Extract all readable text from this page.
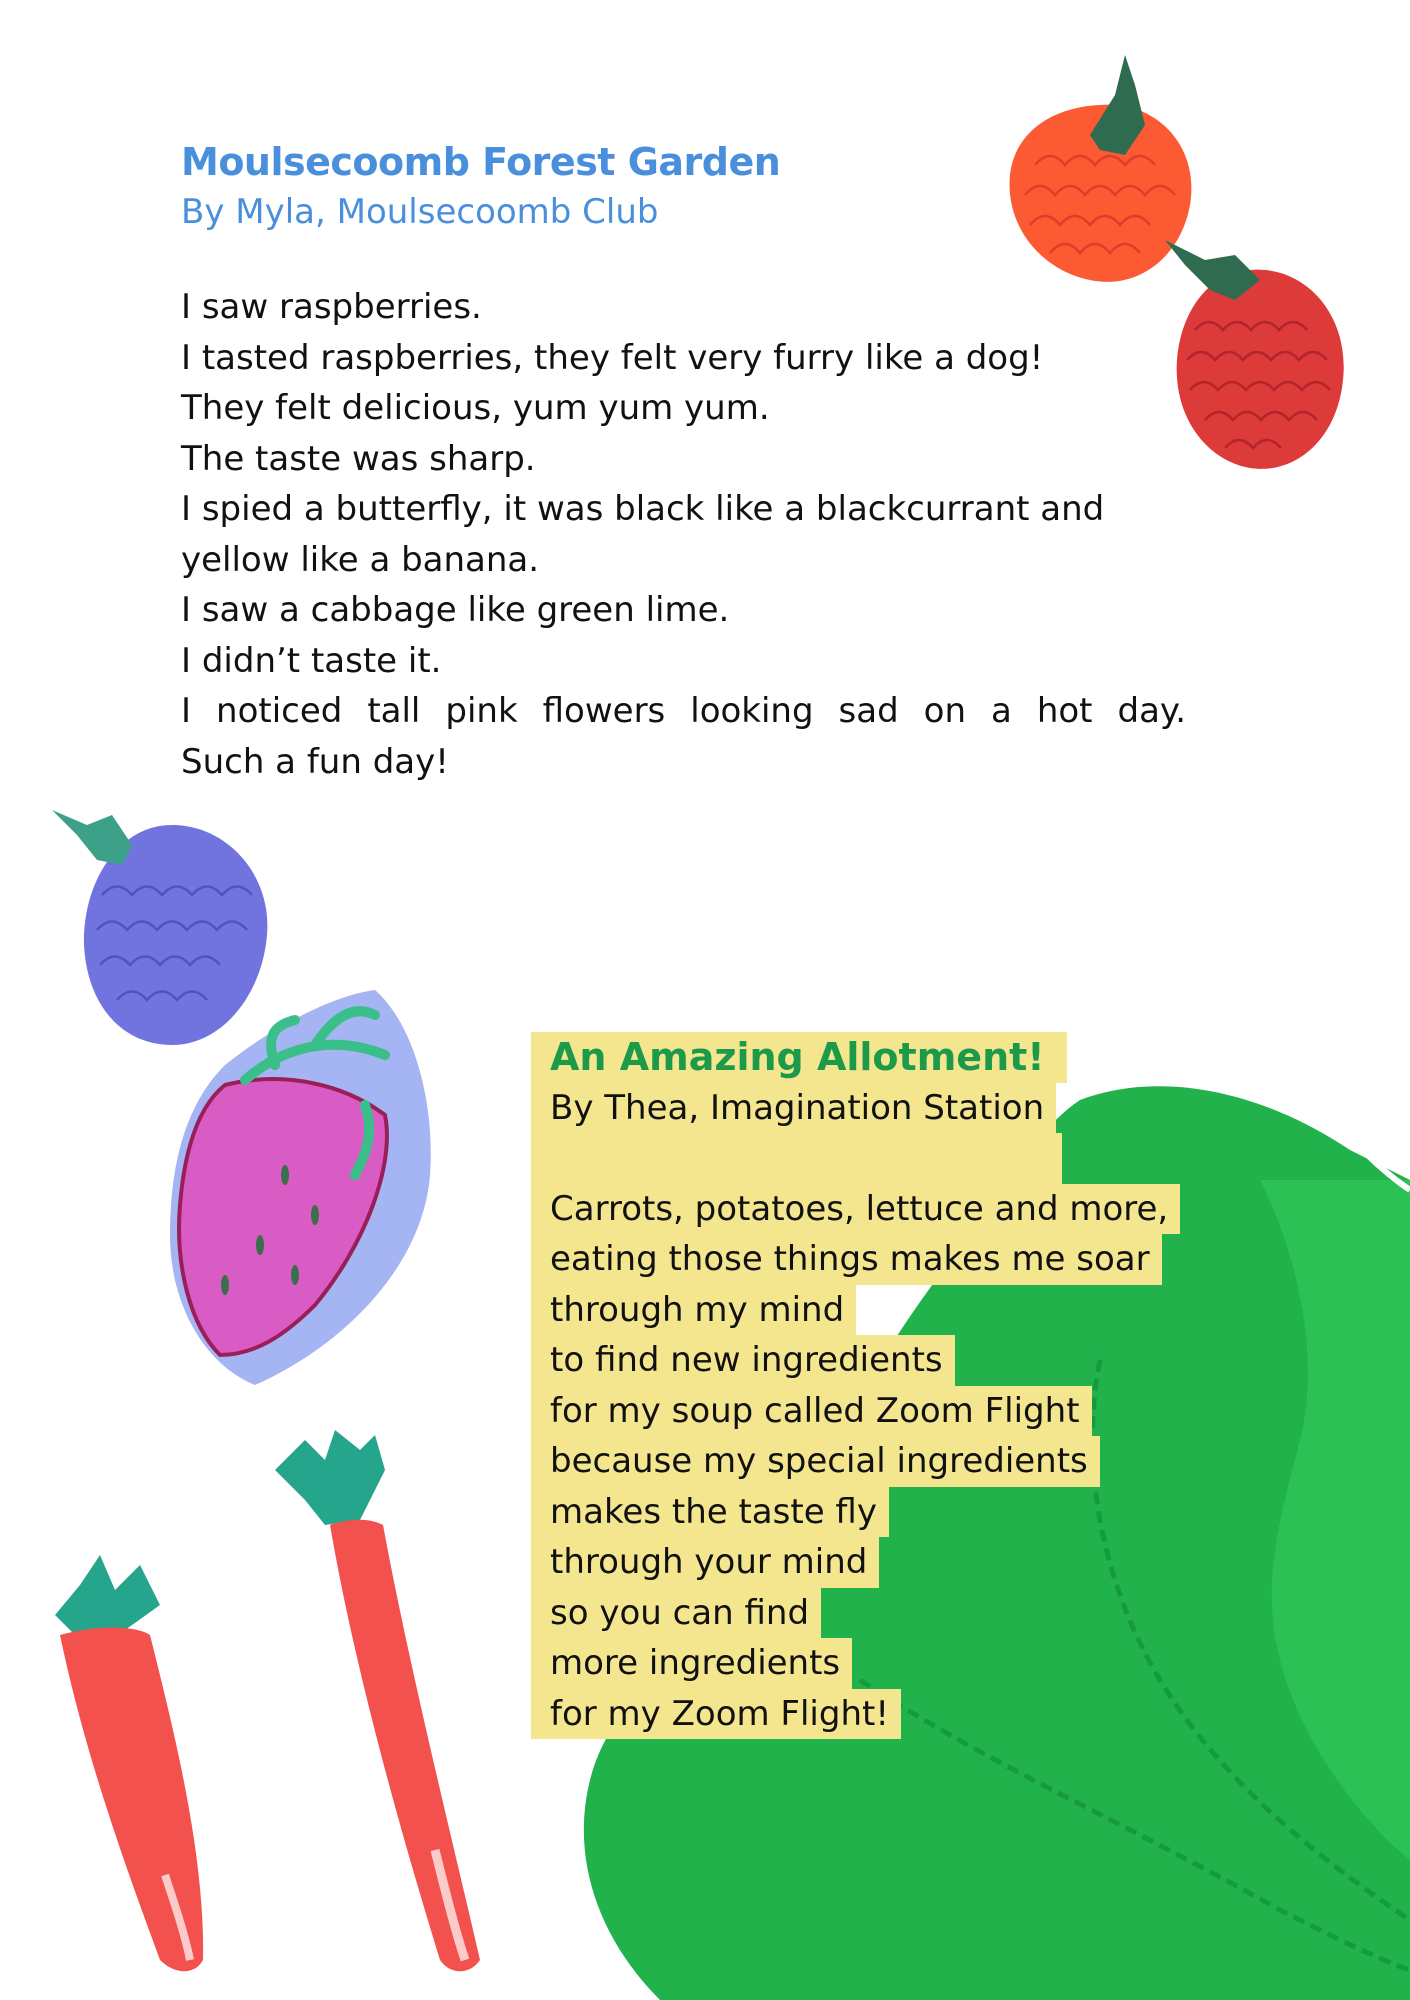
Moulsecoomb Forest Garden

By Myla, Moulsecoomb Club

I saw raspberries.

I tasted raspberries, they felt very furry like a dog!

They felt delicious, yum yum yum.

The taste was sharp.

I spied a butterfly, it was black like a blackcurrant and

yellow like a banana.

I saw a cabbage like green lime.

I didn’t taste it.

I noticed tall pink flowers looking sad on a hot day.

Such a fun day!

An Amazing Allotment!

By Thea, Imagination Station

Carrots, potatoes, lettuce and more,

eating those things makes me soar

through my mind

to find new ingredients

for my soup called Zoom Flight

because my special ingredients

makes the taste fly

through your mind

so you can find

more ingredients

for my Zoom Flight!
